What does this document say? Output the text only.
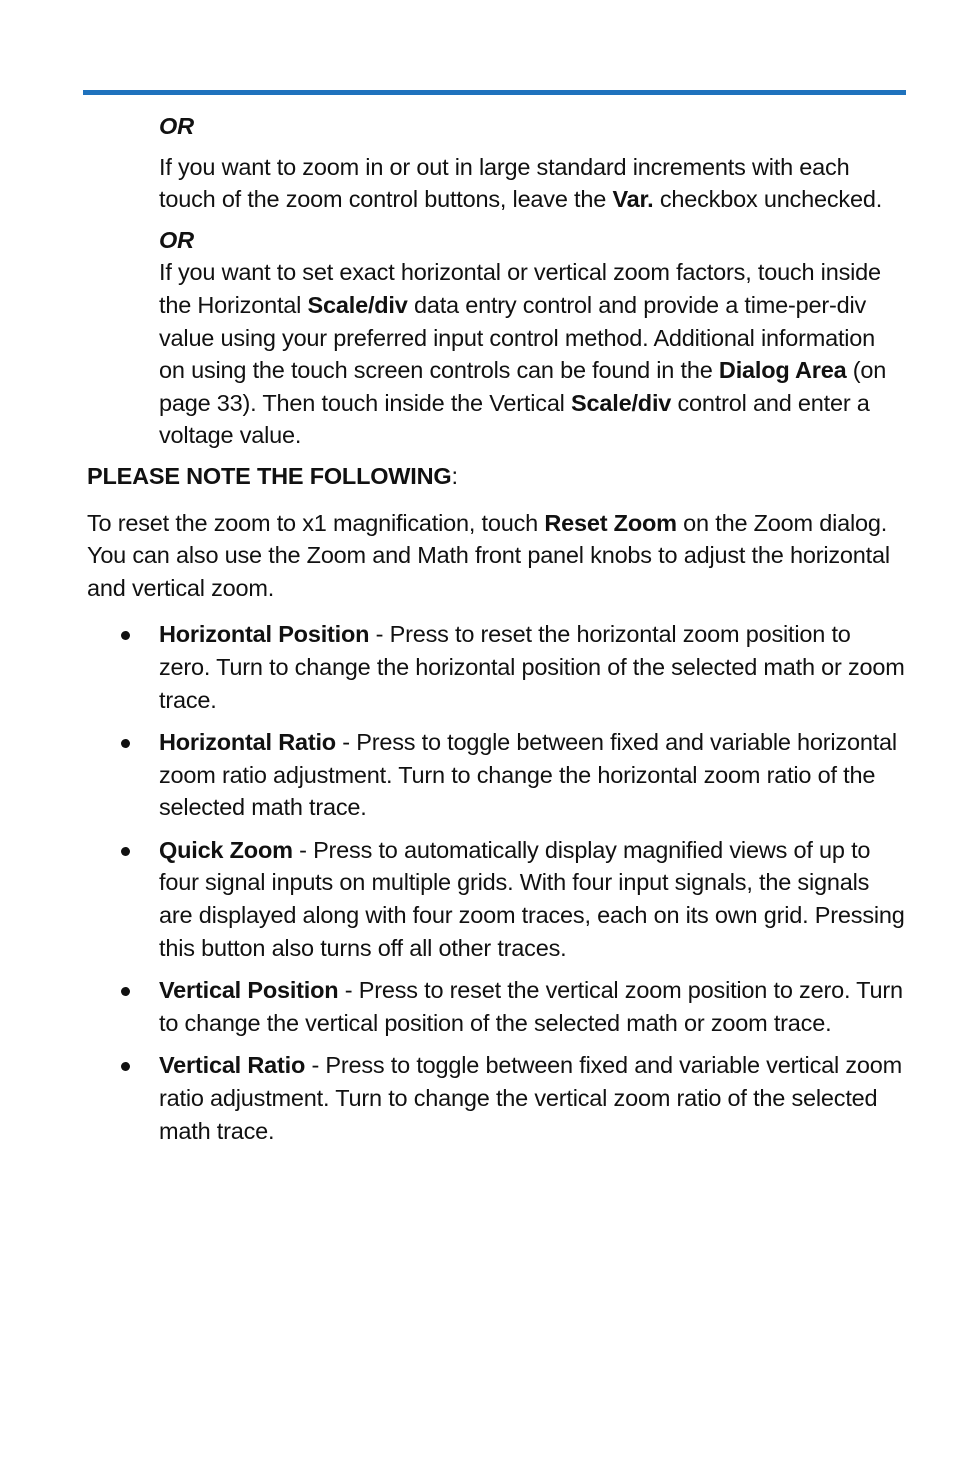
OR

If you want to zoom in or out in large standard increments with each touch of the zoom control buttons, leave the Var. checkbox unchecked.

OR

If you want to set exact horizontal or vertical zoom factors, touch inside the Horizontal Scale/div data entry control and provide a time-per-div value using your preferred input control method. Additional information on using the touch screen controls can be found in the Dialog Area (on page 33). Then touch inside the Vertical Scale/div control and enter a voltage value.

PLEASE NOTE THE FOLLOWING:

To reset the zoom to x1 magnification, touch Reset Zoom on the Zoom dialog. You can also use the Zoom and Math front panel knobs to adjust the horizontal and vertical zoom.

Horizontal Position - Press to reset the horizontal zoom position to zero. Turn to change the horizontal position of the selected math or zoom trace.
Horizontal Ratio - Press to toggle between fixed and variable horizontal zoom ratio adjustment. Turn to change the horizontal zoom ratio of the selected math trace.
Quick Zoom - Press to automatically display magnified views of up to four signal inputs on multiple grids. With four input signals, the signals are displayed along with four zoom traces, each on its own grid. Pressing this button also turns off all other traces.
Vertical Position - Press to reset the vertical zoom position to zero. Turn to change the vertical position of the selected math or zoom trace.
Vertical Ratio - Press to toggle between fixed and variable vertical zoom ratio adjustment. Turn to change the vertical zoom ratio of the selected math trace.
